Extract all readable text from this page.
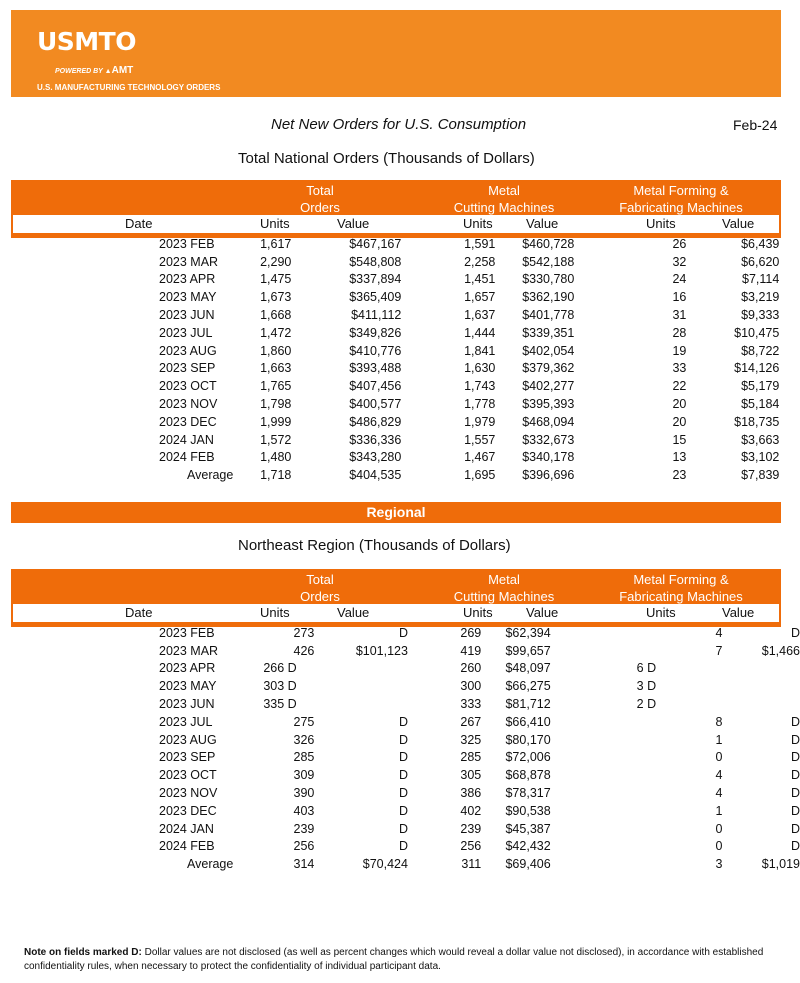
USMTO
POWERED BY ▲AMT
U.S. MANUFACTURING TECHNOLOGY ORDERS
Net New Orders for U.S. Consumption	Feb-24
Total National Orders (Thousands of Dollars)
Total
Orders
Metal
Cutting Machines
Metal Forming &
Fabricating Machines
Date	Units	Value	Units	Value	Units	Value
2023 FEB	1,617	$467,167	1,591	$460,728	26	$6,439
2023 MAR	2,290	$548,808	2,258	$542,188	32	$6,620
2023 APR	1,475	$337,894	1,451	$330,780	24	$7,114
2023 MAY	1,673	$365,409	1,657	$362,190	16	$3,219
2023 JUN	1,668	$411,112	1,637	$401,778	31	$9,333
2023 JUL	1,472	$349,826	1,444	$339,351	28	$10,475
2023 AUG	1,860	$410,776	1,841	$402,054	19	$8,722
2023 SEP	1,663	$393,488	1,630	$379,362	33	$14,126
2023 OCT	1,765	$407,456	1,743	$402,277	22	$5,179
2023 NOV	1,798	$400,577	1,778	$395,393	20	$5,184
2023 DEC	1,999	$486,829	1,979	$468,094	20	$18,735
2024 JAN	1,572	$336,336	1,557	$332,673	15	$3,663
2024 FEB	1,480	$343,280	1,467	$340,178	13	$3,102
Average	1,718	$404,535	1,695	$396,696	23	$7,839
Regional
Northeast Region (Thousands of Dollars)
Total
Orders
Metal
Cutting Machines
Metal Forming &
Fabricating Machines
Date	Units	Value	Units	Value	Units	Value
2023 FEB	273	D	269	$62,394	4	D
2023 MAR	426	$101,123	419	$99,657	7	$1,466
2023 APR	266 D		260	$48,097	6 D	
2023 MAY	303 D		300	$66,275	3 D	
2023 JUN	335 D		333	$81,712	2 D	
2023 JUL	275	D	267	$66,410	8	D
2023 AUG	326	D	325	$80,170	1	D
2023 SEP	285	D	285	$72,006	0	D
2023 OCT	309	D	305	$68,878	4	D
2023 NOV	390	D	386	$78,317	4	D
2023 DEC	403	D	402	$90,538	1	D
2024 JAN	239	D	239	$45,387	0	D
2024 FEB	256	D	256	$42,432	0	D
Average	314	$70,424	311	$69,406	3	$1,019
Note on fields marked D: Dollar values are not disclosed (as well as percent changes which would reveal a dollar value not disclosed), in accordance with established confidentiality rules, when necessary to protect the confidentiality of individual participant data.
